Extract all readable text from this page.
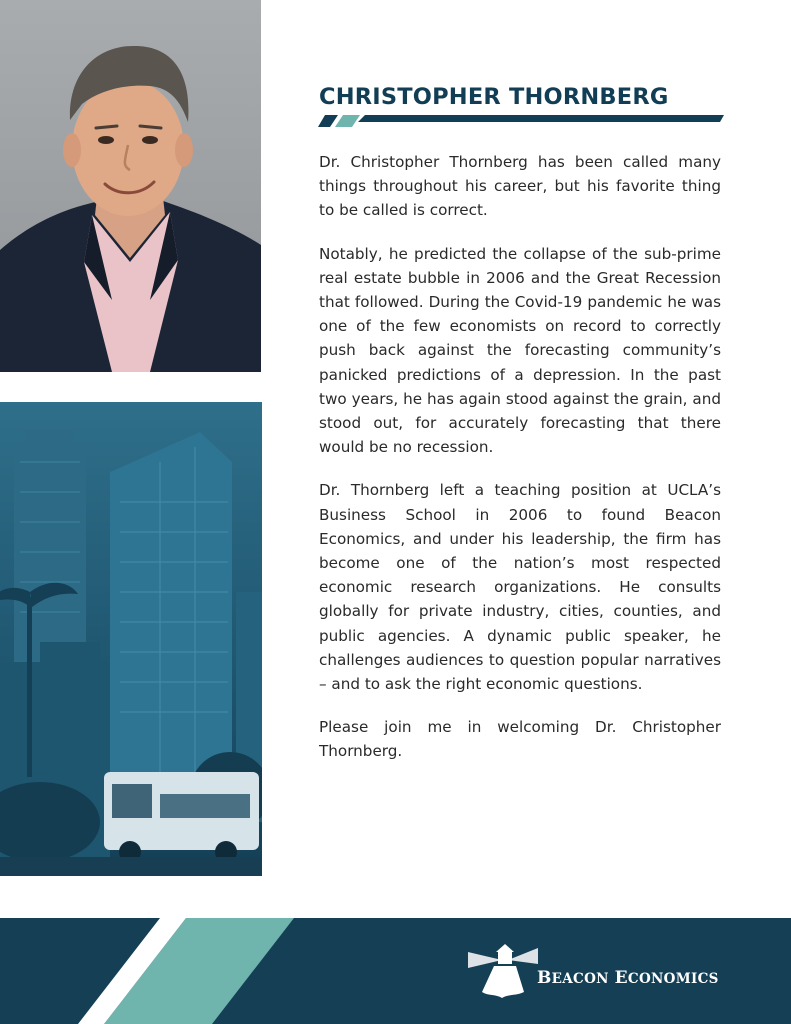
CHRISTOPHER THORNBERG

Dr. Christopher Thornberg has been called many things throughout his career, but his favorite thing to be called is correct.

Notably, he predicted the collapse of the sub-prime real estate bubble in 2006 and the Great Recession that followed. During the Covid-19 pandemic he was one of the few economists on record to correctly push back against the forecasting community’s panicked predictions of a depression. In the past two years, he has again stood against the grain, and stood out, for accurately forecasting that there would be no recession.

Dr. Thornberg left a teaching position at UCLA’s Business School in 2006 to found Beacon Economics, and under his leadership, the firm has become one of the nation’s most respected economic research organizations. He consults globally for private industry, cities, counties, and public agencies. A dynamic public speaker, he challenges audiences to question popular narratives – and to ask the right economic questions.

Please join me in welcoming Dr. Christopher Thornberg.

BEACON ECONOMICS
